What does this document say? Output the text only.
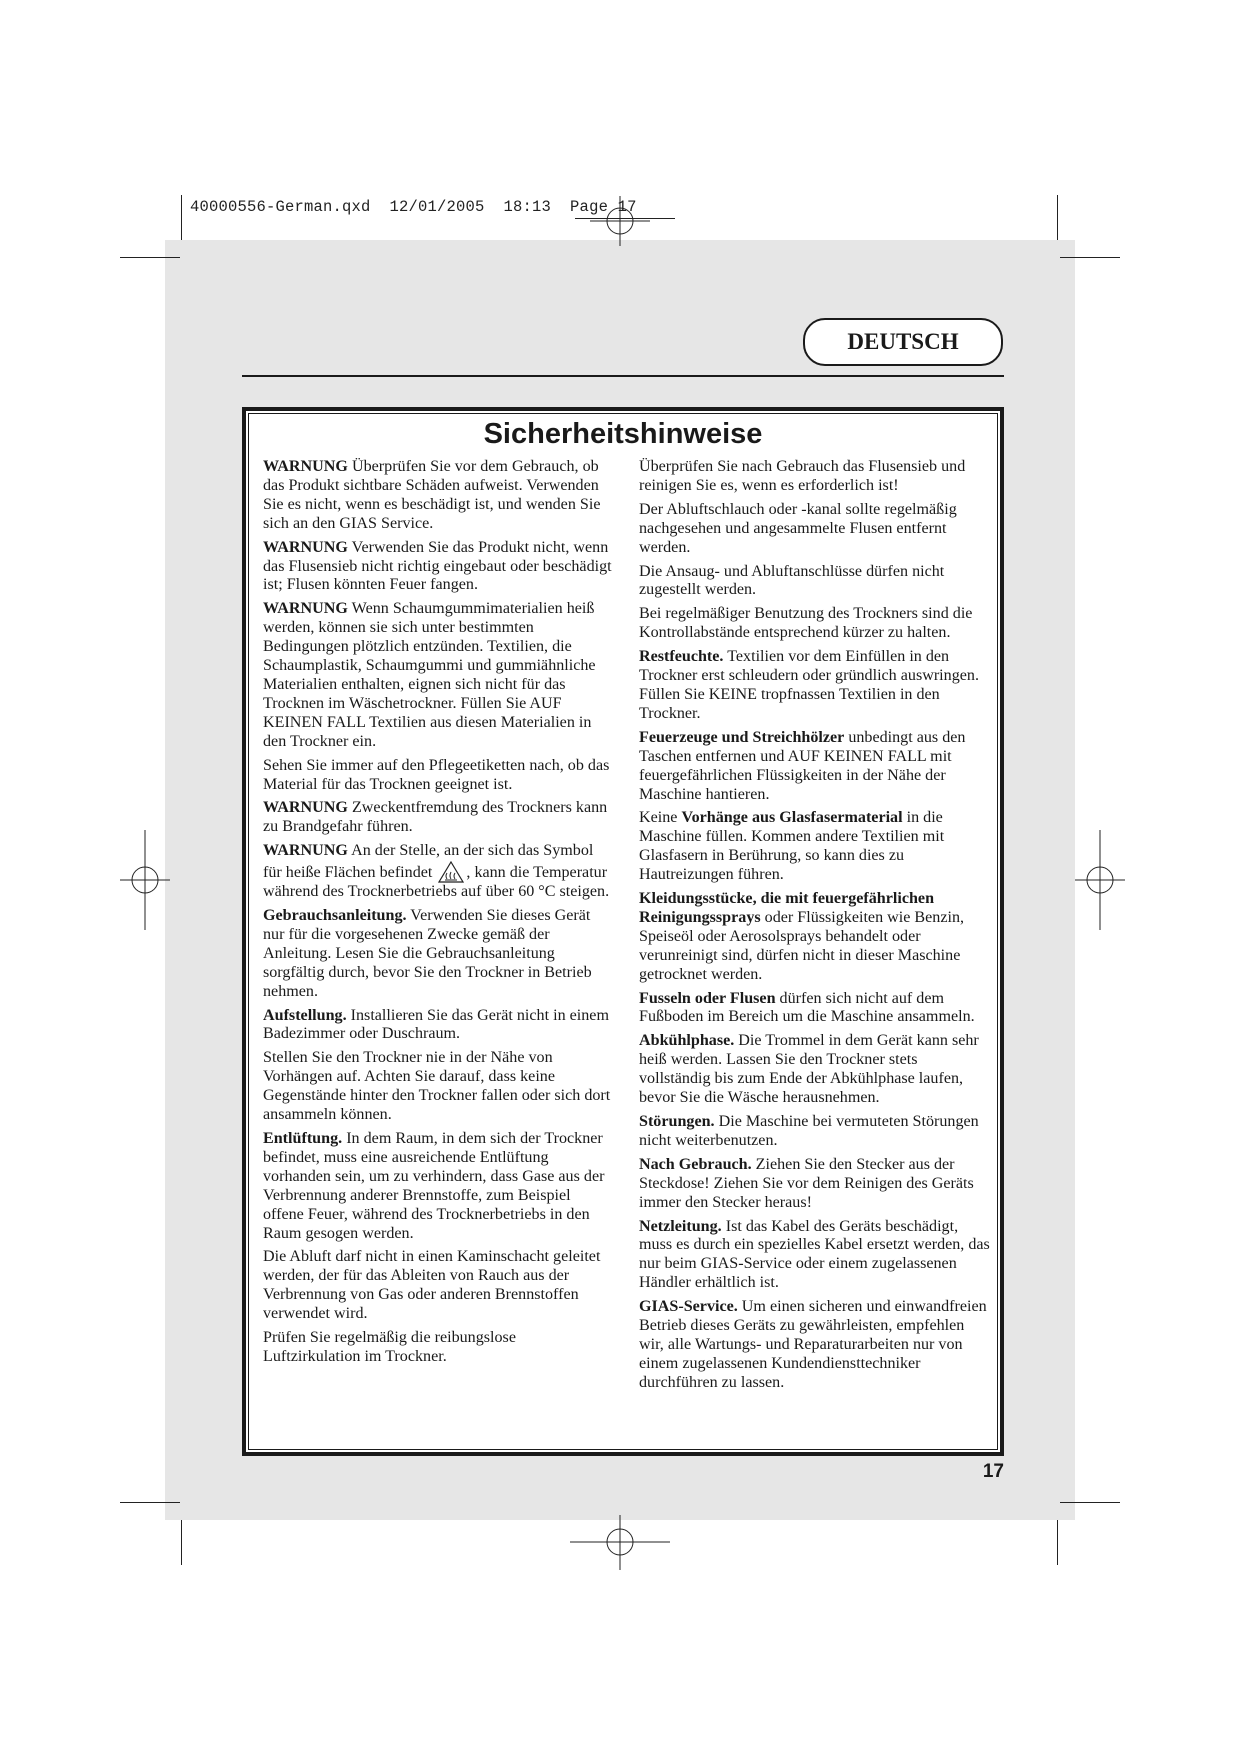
40000556-German.qxd  12/01/2005  18:13  Page 17
DEUTSCH
Sicherheitshinweise

WARNUNG Überprüfen Sie vor dem Gebrauch, ob das Produkt sichtbare Schäden aufweist. Verwenden Sie es nicht, wenn es beschädigt ist, und wenden Sie sich an den GIAS Service.

WARNUNG Verwenden Sie das Produkt nicht, wenn das Flusensieb nicht richtig eingebaut oder beschädigt ist; Flusen könnten Feuer fangen.

WARNUNG Wenn Schaumgummimaterialien heiß werden, können sie sich unter bestimmten Bedingungen plötzlich entzünden. Textilien, die Schaumplastik, Schaumgummi und gummiähnliche Materialien enthalten, eignen sich nicht für das Trocknen im Wäschetrockner. Füllen Sie AUF KEINEN FALL Textilien aus diesen Materialien in den Trockner ein.

Sehen Sie immer auf den Pflegeetiketten nach, ob das Material für das Trocknen geeignet ist.

WARNUNG Zweckentfremdung des Trockners kann zu Brandgefahr führen.

WARNUNG An der Stelle, an der sich das Symbol für heiße Flächen befindet , kann die Temperatur während des Trocknerbetriebs auf über 60 °C steigen.

Gebrauchsanleitung. Verwenden Sie dieses Gerät nur für die vorgesehenen Zwecke gemäß der Anleitung. Lesen Sie die Gebrauchsanleitung sorgfältig durch, bevor Sie den Trockner in Betrieb nehmen.

Aufstellung. Installieren Sie das Gerät nicht in einem Badezimmer oder Duschraum.

Stellen Sie den Trockner nie in der Nähe von Vorhängen auf. Achten Sie darauf, dass keine Gegenstände hinter den Trockner fallen oder sich dort ansammeln können.

Entlüftung. In dem Raum, in dem sich der Trockner befindet, muss eine ausreichende Entlüftung vorhanden sein, um zu verhindern, dass Gase aus der Verbrennung anderer Brennstoffe, zum Beispiel offene Feuer, während des Trocknerbetriebs in den Raum gesogen werden.

Die Abluft darf nicht in einen Kaminschacht geleitet werden, der für das Ableiten von Rauch aus der Verbrennung von Gas oder anderen Brennstoffen verwendet wird.

Prüfen Sie regelmäßig die reibungslose Luftzirkulation im Trockner.

Überprüfen Sie nach Gebrauch das Flusensieb und reinigen Sie es, wenn es erforderlich ist!

Der Abluftschlauch oder -kanal sollte regelmäßig nachgesehen und angesammelte Flusen entfernt werden.

Die Ansaug- und Abluftanschlüsse dürfen nicht zugestellt werden.

Bei regelmäßiger Benutzung des Trockners sind die Kontrollabstände entsprechend kürzer zu halten.

Restfeuchte. Textilien vor dem Einfüllen in den Trockner erst schleudern oder gründlich auswringen. Füllen Sie KEINE tropfnassen Textilien in den Trockner.

Feuerzeuge und Streichhölzer unbedingt aus den Taschen entfernen und AUF KEINEN FALL mit feuergefährlichen Flüssigkeiten in der Nähe der Maschine hantieren.

Keine Vorhänge aus Glasfasermaterial in die Maschine füllen. Kommen andere Textilien mit Glasfasern in Berührung, so kann dies zu Hautreizungen führen.

Kleidungsstücke, die mit feuergefährlichen Reinigungssprays oder Flüssigkeiten wie Benzin, Speiseöl oder Aerosolsprays behandelt oder verunreinigt sind, dürfen nicht in dieser Maschine getrocknet werden.

Fusseln oder Flusen dürfen sich nicht auf dem Fußboden im Bereich um die Maschine ansammeln.

Abkühlphase. Die Trommel in dem Gerät kann sehr heiß werden. Lassen Sie den Trockner stets vollständig bis zum Ende der Abkühlphase laufen, bevor Sie die Wäsche herausnehmen.

Störungen. Die Maschine bei vermuteten Störungen nicht weiterbenutzen.

Nach Gebrauch. Ziehen Sie den Stecker aus der Steckdose! Ziehen Sie vor dem Reinigen des Geräts immer den Stecker heraus!

Netzleitung. Ist das Kabel des Geräts beschädigt, muss es durch ein spezielles Kabel ersetzt werden, das nur beim GIAS-Service oder einem zugelassenen Händler erhältlich ist.

GIAS-Service. Um einen sicheren und einwandfreien Betrieb dieses Geräts zu gewährleisten, empfehlen wir, alle Wartungs- und Reparaturarbeiten nur von einem zugelassenen Kundendiensttechniker durchführen zu lassen.

17
